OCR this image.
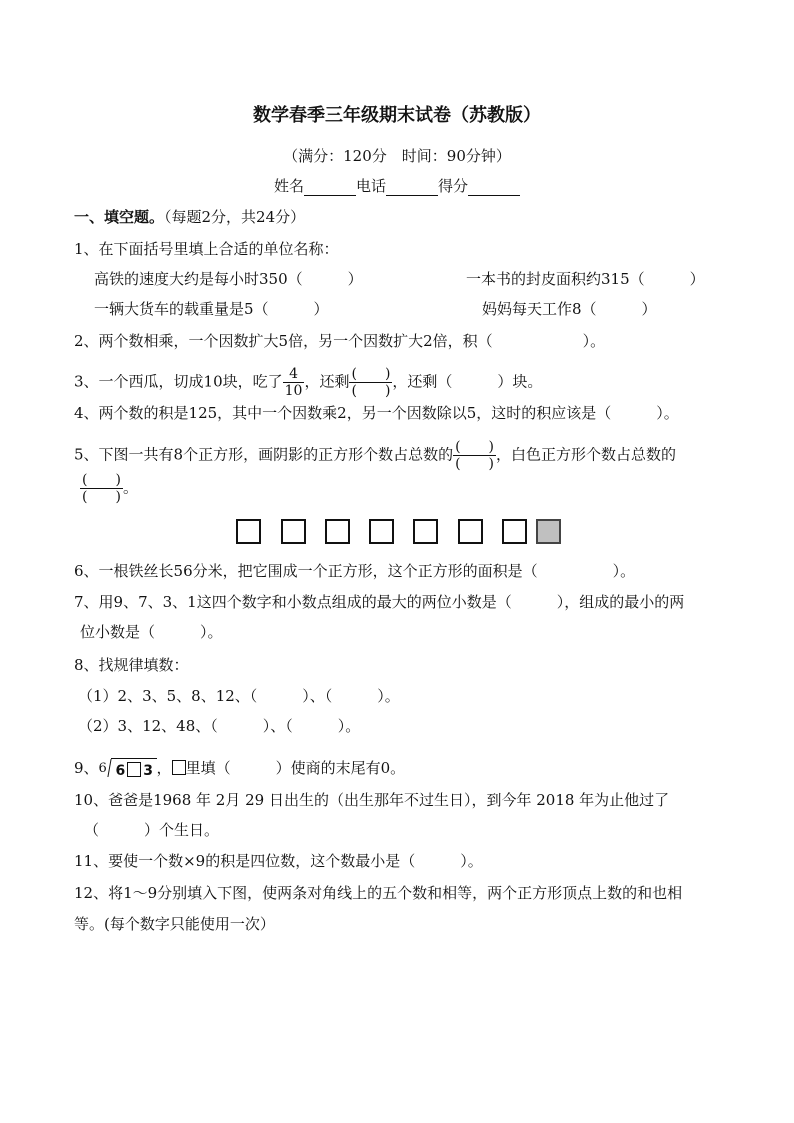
数学春季三年级期末试卷（苏教版）
（满分：120分　时间：90分钟）
姓名	电话	得分
一、填空题。（每题2分，共24分）
1、在下面括号里填上合适的单位名称：
高铁的速度大约是每小时350（　　　）	一本书的封皮面积约315（　　　）
一辆大货车的载重量是5（　　　）	妈妈每天工作8（　　　）
2、两个数相乘，一个因数扩大5倍，另一个因数扩大2倍，积（　　　　　　）。
3、一个西瓜，切成10块，吃了 $\frac{4}{10}$ ，还剩 $\frac{( )}{( )}$ ，还剩（　　　）块。
4、两个数的积是125，其中一个因数乘2，另一个因数除以5，这时的积应该是（　　　）。
5、下图一共有8个正方形，画阴影的正方形个数占总数的 $\frac{( )}{( )}$ ，白色正方形个数占总数的
$\frac{( )}{( )}$ 。
6、一根铁丝长56分米，把它围成一个正方形，这个正方形的面积是（　　　　　）。
7、用9、7、3、1这四个数字和小数点组成的最大的两位小数是（　　　），组成的最小的两
位小数是（　　　）。
8、找规律填数：
（1）2、3、5、8、12、（　　　）、（　　　）。
（2）3、12、48、（　　　）、（　　　）。
9、 6 6 3 ， 里填（　　　）使商的末尾有0。
10、爸爸是1968 年 2月 29 日出生的（出生那年不过生日），到今年 2018 年为止他过了
（　　　）个生日。
11、要使一个数×9的积是四位数，这个数最小是（　　　）。
12、将1～9分别填入下图，使两条对角线上的五个数和相等，两个正方形顶点上数的和也相
等。(每个数字只能使用一次）
